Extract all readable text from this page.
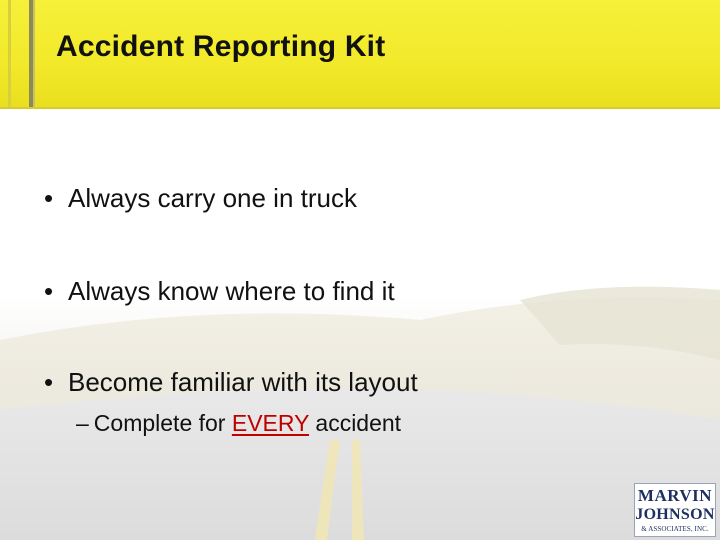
Accident Reporting Kit
• Always carry one in truck
• Always know where to find it
• Become familiar with its layout
– Complete for EVERY accident
MARVIN
JOHNSON
& ASSOCIATES, INC.
